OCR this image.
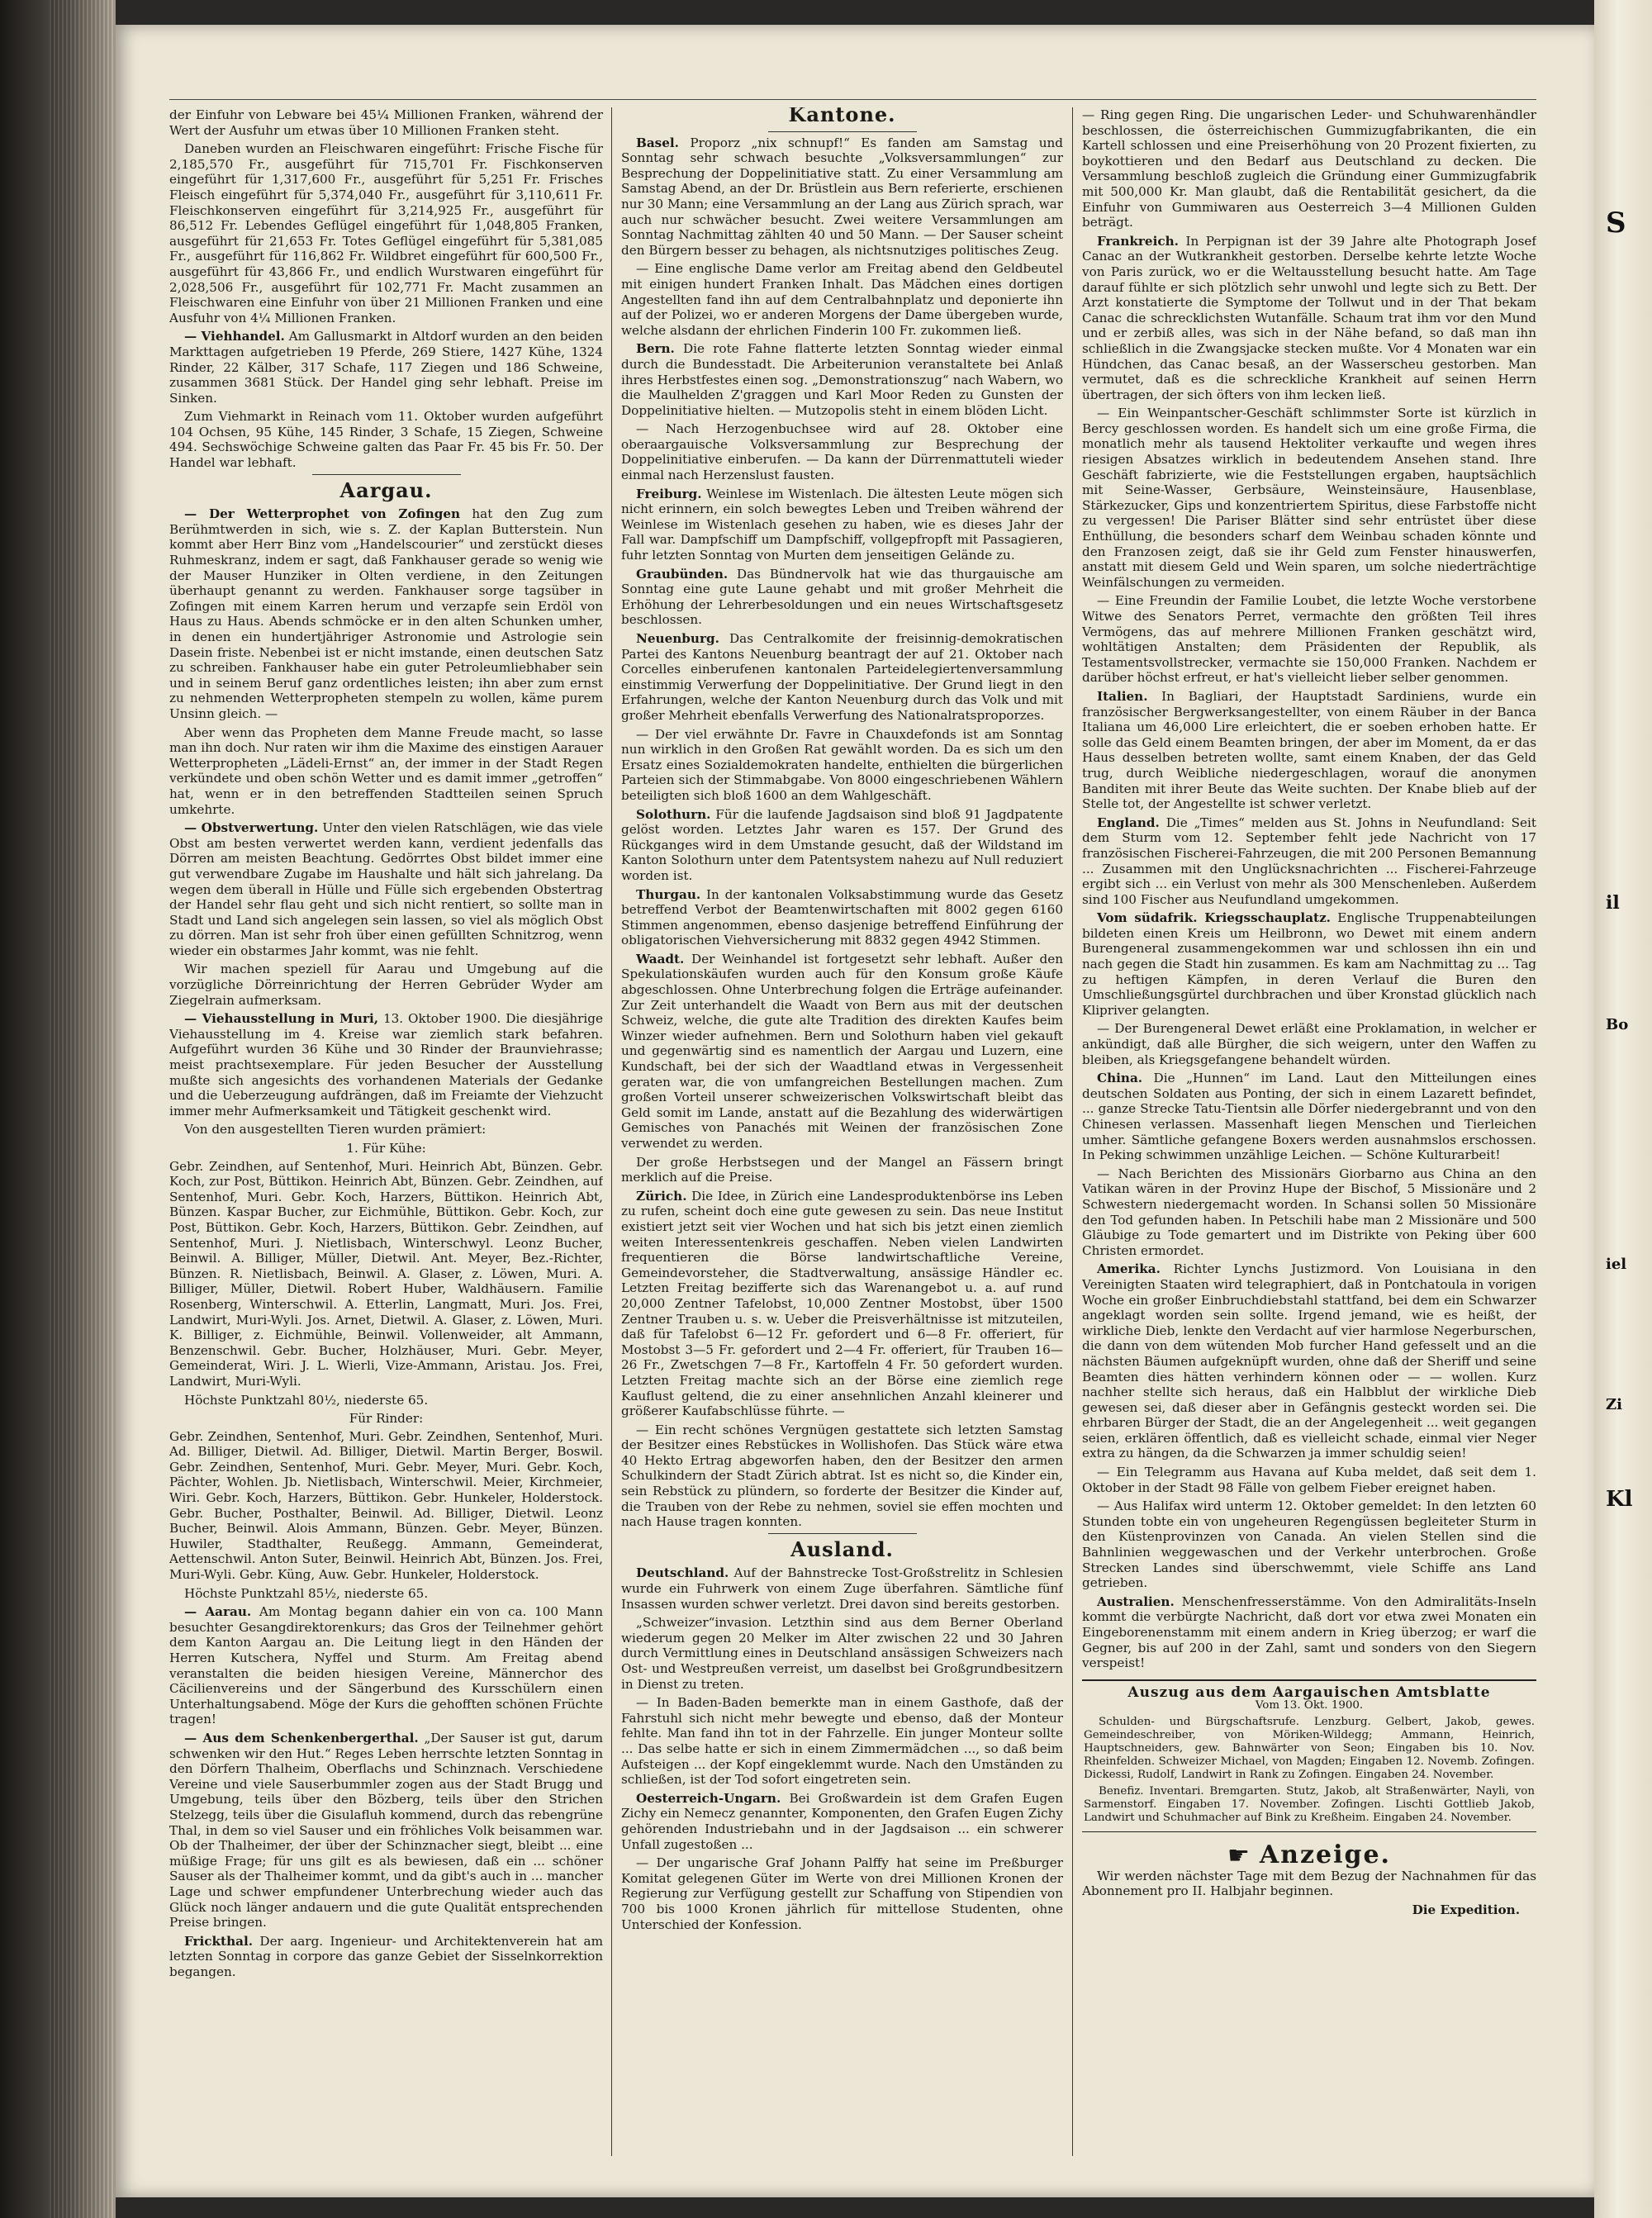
der Einfuhr von Lebware bei 45¼ Millionen Franken, während der Wert der Ausfuhr um etwas über 10 Millionen Franken steht.

Daneben wurden an Fleischwaren eingeführt: Frische Fische für 2,185,570 Fr., ausgeführt für 715,701 Fr. Fischkonserven eingeführt für 1,317,600 Fr., ausgeführt für 5,251 Fr. Frisches Fleisch eingeführt für 5,374,040 Fr., ausgeführt für 3,110,611 Fr. Fleischkonserven eingeführt für 3,214,925 Fr., ausgeführt für 86,512 Fr. Lebendes Geflügel eingeführt für 1,048,805 Franken, ausgeführt für 21,653 Fr. Totes Geflügel eingeführt für 5,381,085 Fr., ausgeführt für 116,862 Fr. Wildbret eingeführt für 600,500 Fr., ausgeführt für 43,866 Fr., und endlich Wurstwaren eingeführt für 2,028,506 Fr., ausgeführt für 102,771 Fr. Macht zusammen an Fleischwaren eine Einfuhr von über 21 Millionen Franken und eine Ausfuhr von 4¼ Millionen Franken.

— Viehhandel. Am Gallusmarkt in Altdorf wurden an den beiden Markttagen aufgetrieben 19 Pferde, 269 Stiere, 1427 Kühe, 1324 Rinder, 22 Kälber, 317 Schafe, 117 Ziegen und 186 Schweine, zusammen 3681 Stück. Der Handel ging sehr lebhaft. Preise im Sinken.

Zum Viehmarkt in Reinach vom 11. Oktober wurden aufgeführt 104 Ochsen, 95 Kühe, 145 Rinder, 3 Schafe, 15 Ziegen, Schweine 494. Sechswöchige Schweine galten das Paar Fr. 45 bis Fr. 50. Der Handel war lebhaft.

Aargau.

— Der Wetterprophet von Zofingen hat den Zug zum Berühmtwerden in sich, wie s. Z. der Kaplan Butterstein. Nun kommt aber Herr Binz vom „Handelscourier“ und zerstückt dieses Ruhmeskranz, indem er sagt, daß Fankhauser gerade so wenig wie der Mauser Hunziker in Olten verdiene, in den Zeitungen überhaupt genannt zu werden. Fankhauser sorge tagsüber in Zofingen mit einem Karren herum und verzapfe sein Erdöl von Haus zu Haus. Abends schmöcke er in den alten Schunken umher, in denen ein hundertjähriger Astronomie und Astrologie sein Dasein friste. Nebenbei ist er nicht imstande, einen deutschen Satz zu schreiben. Fankhauser habe ein guter Petroleumliebhaber sein und in seinem Beruf ganz ordentliches leisten; ihn aber zum ernst zu nehmenden Wetterpropheten stempeln zu wollen, käme purem Unsinn gleich. —

Aber wenn das Propheten dem Manne Freude macht, so lasse man ihn doch. Nur raten wir ihm die Maxime des einstigen Aarauer Wetterpropheten „Lädeli-Ernst“ an, der immer in der Stadt Regen verkündete und oben schön Wetter und es damit immer „getroffen“ hat, wenn er in den betreffenden Stadtteilen seinen Spruch umkehrte.

— Obstverwertung. Unter den vielen Ratschlägen, wie das viele Obst am besten verwertet werden kann, verdient jedenfalls das Dörren am meisten Beachtung. Gedörrtes Obst bildet immer eine gut verwendbare Zugabe im Haushalte und hält sich jahrelang. Da wegen dem überall in Hülle und Fülle sich ergebenden Obstertrag der Handel sehr flau geht und sich nicht rentiert, so sollte man in Stadt und Land sich angelegen sein lassen, so viel als möglich Obst zu dörren. Man ist sehr froh über einen gefüllten Schnitzrog, wenn wieder ein obstarmes Jahr kommt, was nie fehlt.

Wir machen speziell für Aarau und Umgebung auf die vorzügliche Dörreinrichtung der Herren Gebrüder Wyder am Ziegelrain aufmerksam.

— Viehausstellung in Muri, 13. Oktober 1900. Die diesjährige Viehausstellung im 4. Kreise war ziemlich stark befahren. Aufgeführt wurden 36 Kühe und 30 Rinder der Braunviehrasse; meist prachtsexemplare. Für jeden Besucher der Ausstellung mußte sich angesichts des vorhandenen Materials der Gedanke und die Ueberzeugung aufdrängen, daß im Freiamte der Viehzucht immer mehr Aufmerksamkeit und Tätigkeit geschenkt wird.

Von den ausgestellten Tieren wurden prämiert:

1. Für Kühe:

Gebr. Zeindhen, auf Sentenhof, Muri. Heinrich Abt, Bünzen. Gebr. Koch, zur Post, Büttikon. Heinrich Abt, Bünzen. Gebr. Zeindhen, auf Sentenhof, Muri. Gebr. Koch, Harzers, Büttikon. Heinrich Abt, Bünzen. Kaspar Bucher, zur Eichmühle, Büttikon. Gebr. Koch, zur Post, Büttikon. Gebr. Koch, Harzers, Büttikon. Gebr. Zeindhen, auf Sentenhof, Muri. J. Nietlisbach, Winterschwyl. Leonz Bucher, Beinwil. A. Billiger, Müller, Dietwil. Ant. Meyer, Bez.-Richter, Bünzen. R. Nietlisbach, Beinwil. A. Glaser, z. Löwen, Muri. A. Billiger, Müller, Dietwil. Robert Huber, Waldhäusern. Familie Rosenberg, Winterschwil. A. Etterlin, Langmatt, Muri. Jos. Frei, Landwirt, Muri-Wyli. Jos. Arnet, Dietwil. A. Glaser, z. Löwen, Muri. K. Billiger, z. Eichmühle, Beinwil. Vollenweider, alt Ammann, Benzenschwil. Gebr. Bucher, Holzhäuser, Muri. Gebr. Meyer, Gemeinderat, Wiri. J. L. Wierli, Vize-Ammann, Aristau. Jos. Frei, Landwirt, Muri-Wyli.

Höchste Punktzahl 80½, niederste 65.

Für Rinder:

Gebr. Zeindhen, Sentenhof, Muri. Gebr. Zeindhen, Sentenhof, Muri. Ad. Billiger, Dietwil. Ad. Billiger, Dietwil. Martin Berger, Boswil. Gebr. Zeindhen, Sentenhof, Muri. Gebr. Meyer, Muri. Gebr. Koch, Pächter, Wohlen. Jb. Nietlisbach, Winterschwil. Meier, Kirchmeier, Wiri. Gebr. Koch, Harzers, Büttikon. Gebr. Hunkeler, Holderstock. Gebr. Bucher, Posthalter, Beinwil. Ad. Billiger, Dietwil. Leonz Bucher, Beinwil. Alois Ammann, Bünzen. Gebr. Meyer, Bünzen. Huwiler, Stadthalter, Reußegg. Ammann, Gemeinderat, Aettenschwil. Anton Suter, Beinwil. Heinrich Abt, Bünzen. Jos. Frei, Muri-Wyli. Gebr. Küng, Auw. Gebr. Hunkeler, Holderstock.

Höchste Punktzahl 85½, niederste 65.

— Aarau. Am Montag begann dahier ein von ca. 100 Mann besuchter Gesangdirektorenkurs; das Gros der Teilnehmer gehört dem Kanton Aargau an. Die Leitung liegt in den Händen der Herren Kutschera, Nyffel und Sturm. Am Freitag abend veranstalten die beiden hiesigen Vereine, Männerchor des Cäcilienvereins und der Sängerbund des Kursschülern einen Unterhaltungsabend. Möge der Kurs die gehofften schönen Früchte tragen!

— Aus dem Schenkenbergerthal. „Der Sauser ist gut, darum schwenken wir den Hut.“ Reges Leben herrschte letzten Sonntag in den Dörfern Thalheim, Oberflachs und Schinznach. Verschiedene Vereine und viele Sauserbummler zogen aus der Stadt Brugg und Umgebung, teils über den Bözberg, teils über den Strichen Stelzegg, teils über die Gisulafluh kommend, durch das rebengrüne Thal, in dem so viel Sauser und ein fröhliches Volk beisammen war. Ob der Thalheimer, der über der Schinznacher siegt, bleibt ... eine müßige Frage; für uns gilt es als bewiesen, daß ein ... schöner Sauser als der Thalheimer kommt, und da gibt's auch in ... mancher Lage und schwer empfundener Unterbrechung wieder auch das Glück noch länger andauern und die gute Qualität entsprechenden Preise bringen.

Frickthal. Der aarg. Ingenieur- und Architektenverein hat am letzten Sonntag in corpore das ganze Gebiet der Sisselnkorrektion begangen.

Kantone.

Basel. Proporz „nix schnupf!“ Es fanden am Samstag und Sonntag sehr schwach besuchte „Volksversammlungen“ zur Besprechung der Doppelinitiative statt. Zu einer Versammlung am Samstag Abend, an der Dr. Brüstlein aus Bern referierte, erschienen nur 30 Mann; eine Versammlung an der Lang aus Zürich sprach, war auch nur schwächer besucht. Zwei weitere Versammlungen am Sonntag Nachmittag zählten 40 und 50 Mann. — Der Sauser scheint den Bürgern besser zu behagen, als nichtsnutziges politisches Zeug.

— Eine englische Dame verlor am Freitag abend den Geldbeutel mit einigen hundert Franken Inhalt. Das Mädchen eines dortigen Angestellten fand ihn auf dem Centralbahnplatz und deponierte ihn auf der Polizei, wo er anderen Morgens der Dame übergeben wurde, welche alsdann der ehrlichen Finderin 100 Fr. zukommen ließ.

Bern. Die rote Fahne flatterte letzten Sonntag wieder einmal durch die Bundesstadt. Die Arbeiterunion veranstaltete bei Anlaß ihres Herbstfestes einen sog. „Demonstrationszug“ nach Wabern, wo die Maulhelden Z'graggen und Karl Moor Reden zu Gunsten der Doppelinitiative hielten. — Mutzopolis steht in einem blöden Licht.

— Nach Herzogenbuchsee wird auf 28. Oktober eine oberaargauische Volksversammlung zur Besprechung der Doppelinitiative einberufen. — Da kann der Dürrenmattuteli wieder einmal nach Herzenslust fausten.

Freiburg. Weinlese im Wistenlach. Die ältesten Leute mögen sich nicht erinnern, ein solch bewegtes Leben und Treiben während der Weinlese im Wistenlach gesehen zu haben, wie es dieses Jahr der Fall war. Dampfschiff um Dampfschiff, vollgepfropft mit Passagieren, fuhr letzten Sonntag von Murten dem jenseitigen Gelände zu.

Graubünden. Das Bündnervolk hat wie das thurgauische am Sonntag eine gute Laune gehabt und mit großer Mehrheit die Erhöhung der Lehrerbesoldungen und ein neues Wirtschaftsgesetz beschlossen.

Neuenburg. Das Centralkomite der freisinnig-demokratischen Partei des Kantons Neuenburg beantragt der auf 21. Oktober nach Corcelles einberufenen kantonalen Parteidelegiertenversammlung einstimmig Verwerfung der Doppelinitiative. Der Grund liegt in den Erfahrungen, welche der Kanton Neuenburg durch das Volk und mit großer Mehrheit ebenfalls Verwerfung des Nationalratsproporzes.

— Der viel erwähnte Dr. Favre in Chauxdefonds ist am Sonntag nun wirklich in den Großen Rat gewählt worden. Da es sich um den Ersatz eines Sozialdemokraten handelte, enthielten die bürgerlichen Parteien sich der Stimmabgabe. Von 8000 eingeschriebenen Wählern beteiligten sich bloß 1600 an dem Wahlgeschäft.

Solothurn. Für die laufende Jagdsaison sind bloß 91 Jagdpatente gelöst worden. Letztes Jahr waren es 157. Der Grund des Rückganges wird in dem Umstande gesucht, daß der Wildstand im Kanton Solothurn unter dem Patentsystem nahezu auf Null reduziert worden ist.

Thurgau. In der kantonalen Volksabstimmung wurde das Gesetz betreffend Verbot der Beamtenwirtschaften mit 8002 gegen 6160 Stimmen angenommen, ebenso dasjenige betreffend Einführung der obligatorischen Viehversicherung mit 8832 gegen 4942 Stimmen.

Waadt. Der Weinhandel ist fortgesetzt sehr lebhaft. Außer den Spekulationskäufen wurden auch für den Konsum große Käufe abgeschlossen. Ohne Unterbrechung folgen die Erträge aufeinander. Zur Zeit unterhandelt die Waadt von Bern aus mit der deutschen Schweiz, welche, die gute alte Tradition des direkten Kaufes beim Winzer wieder aufnehmen. Bern und Solothurn haben viel gekauft und gegenwärtig sind es namentlich der Aargau und Luzern, eine Kundschaft, bei der sich der Waadtland etwas in Vergessenheit geraten war, die von umfangreichen Bestellungen machen. Zum großen Vorteil unserer schweizerischen Volkswirtschaft bleibt das Geld somit im Lande, anstatt auf die Bezahlung des widerwärtigen Gemisches von Panachés mit Weinen der französischen Zone verwendet zu werden.

Der große Herbstsegen und der Mangel an Fässern bringt merklich auf die Preise.

Zürich. Die Idee, in Zürich eine Landesproduktenbörse ins Leben zu rufen, scheint doch eine gute gewesen zu sein. Das neue Institut existiert jetzt seit vier Wochen und hat sich bis jetzt einen ziemlich weiten Interessentenkreis geschaffen. Neben vielen Landwirten frequentieren die Börse landwirtschaftliche Vereine, Gemeindevorsteher, die Stadtverwaltung, ansässige Händler ec. Letzten Freitag bezifferte sich das Warenangebot u. a. auf rund 20,000 Zentner Tafelobst, 10,000 Zentner Mostobst, über 1500 Zentner Trauben u. s. w. Ueber die Preisverhältnisse ist mitzuteilen, daß für Tafelobst 6—12 Fr. gefordert und 6—8 Fr. offeriert, für Mostobst 3—5 Fr. gefordert und 2—4 Fr. offeriert, für Trauben 16—26 Fr., Zwetschgen 7—8 Fr., Kartoffeln 4 Fr. 50 gefordert wurden. Letzten Freitag machte sich an der Börse eine ziemlich rege Kauflust geltend, die zu einer ansehnlichen Anzahl kleinerer und größerer Kaufabschlüsse führte. —

— Ein recht schönes Vergnügen gestattete sich letzten Samstag der Besitzer eines Rebstückes in Wollishofen. Das Stück wäre etwa 40 Hekto Ertrag abgeworfen haben, den der Besitzer den armen Schulkindern der Stadt Zürich abtrat. Ist es nicht so, die Kinder ein, sein Rebstück zu plündern, so forderte der Besitzer die Kinder auf, die Trauben von der Rebe zu nehmen, soviel sie effen mochten und nach Hause tragen konnten.

Ausland.

Deutschland. Auf der Bahnstrecke Tost-Großstrelitz in Schlesien wurde ein Fuhrwerk von einem Zuge überfahren. Sämtliche fünf Insassen wurden schwer verletzt. Drei davon sind bereits gestorben.

„Schweizer“invasion. Letzthin sind aus dem Berner Oberland wiederum gegen 20 Melker im Alter zwischen 22 und 30 Jahren durch Vermittlung eines in Deutschland ansässigen Schweizers nach Ost- und Westpreußen verreist, um daselbst bei Großgrundbesitzern in Dienst zu treten.

— In Baden-Baden bemerkte man in einem Gasthofe, daß der Fahrstuhl sich nicht mehr bewegte und ebenso, daß der Monteur fehlte. Man fand ihn tot in der Fahrzelle. Ein junger Monteur sollte ... Das selbe hatte er sich in einem Zimmermädchen ..., so daß beim Aufsteigen ... der Kopf eingeklemmt wurde. Nach den Umständen zu schließen, ist der Tod sofort eingetreten sein.

Oesterreich-Ungarn. Bei Großwardein ist dem Grafen Eugen Zichy ein Nemecz genannter, Komponenten, den Grafen Eugen Zichy gehörenden Industriebahn und in der Jagdsaison ... ein schwerer Unfall zugestoßen ...

— Der ungarische Graf Johann Palffy hat seine im Preßburger Komitat gelegenen Güter im Werte von drei Millionen Kronen der Regierung zur Verfügung gestellt zur Schaffung von Stipendien von 700 bis 1000 Kronen jährlich für mittellose Studenten, ohne Unterschied der Konfession.

— Ring gegen Ring. Die ungarischen Leder- und Schuhwarenhändler beschlossen, die österreichischen Gummizugfabrikanten, die ein Kartell schlossen und eine Preiserhöhung von 20 Prozent fixierten, zu boykottieren und den Bedarf aus Deutschland zu decken. Die Versammlung beschloß zugleich die Gründung einer Gummizugfabrik mit 500,000 Kr. Man glaubt, daß die Rentabilität gesichert, da die Einfuhr von Gummiwaren aus Oesterreich 3—4 Millionen Gulden beträgt.

Frankreich. In Perpignan ist der 39 Jahre alte Photograph Josef Canac an der Wutkrankheit gestorben. Derselbe kehrte letzte Woche von Paris zurück, wo er die Weltausstellung besucht hatte. Am Tage darauf fühlte er sich plötzlich sehr unwohl und legte sich zu Bett. Der Arzt konstatierte die Symptome der Tollwut und in der That bekam Canac die schrecklichsten Wutanfälle. Schaum trat ihm vor den Mund und er zerbiß alles, was sich in der Nähe befand, so daß man ihn schließlich in die Zwangsjacke stecken mußte. Vor 4 Monaten war ein Hündchen, das Canac besaß, an der Wasserscheu gestorben. Man vermutet, daß es die schreckliche Krankheit auf seinen Herrn übertragen, der sich öfters von ihm lecken ließ.

— Ein Weinpantscher-Geschäft schlimmster Sorte ist kürzlich in Bercy geschlossen worden. Es handelt sich um eine große Firma, die monatlich mehr als tausend Hektoliter verkaufte und wegen ihres riesigen Absatzes wirklich in bedeutendem Ansehen stand. Ihre Geschäft fabrizierte, wie die Feststellungen ergaben, hauptsächlich mit Seine-Wasser, Gerbsäure, Weinsteinsäure, Hausenblase, Stärkezucker, Gips und konzentriertem Spiritus, diese Farbstoffe nicht zu vergessen! Die Pariser Blätter sind sehr entrüstet über diese Enthüllung, die besonders scharf dem Weinbau schaden könnte und den Franzosen zeigt, daß sie ihr Geld zum Fenster hinauswerfen, anstatt mit diesem Geld und Wein sparen, um solche niederträchtige Weinfälschungen zu vermeiden.

— Eine Freundin der Familie Loubet, die letzte Woche verstorbene Witwe des Senators Perret, vermachte den größten Teil ihres Vermögens, das auf mehrere Millionen Franken geschätzt wird, wohltätigen Anstalten; dem Präsidenten der Republik, als Testamentsvollstrecker, vermachte sie 150,000 Franken. Nachdem er darüber höchst erfreut, er hat's vielleicht lieber selber genommen.

Italien. In Bagliari, der Hauptstadt Sardiniens, wurde ein französischer Bergwerksangestellter, von einem Räuber in der Banca Italiana um 46,000 Lire erleichtert, die er soeben erhoben hatte. Er solle das Geld einem Beamten bringen, der aber im Moment, da er das Haus desselben betreten wollte, samt einem Knaben, der das Geld trug, durch Weibliche niedergeschlagen, worauf die anonymen Banditen mit ihrer Beute das Weite suchten. Der Knabe blieb auf der Stelle tot, der Angestellte ist schwer verletzt.

England. Die „Times“ melden aus St. Johns in Neufundland: Seit dem Sturm vom 12. September fehlt jede Nachricht von 17 französischen Fischerei-Fahrzeugen, die mit 200 Personen Bemannung ... Zusammen mit den Unglücksnachrichten ... Fischerei-Fahrzeuge ergibt sich ... ein Verlust von mehr als 300 Menschenleben. Außerdem sind 100 Fischer aus Neufundland umgekommen.

Vom südafrik. Kriegsschauplatz. Englische Truppenabteilungen bildeten einen Kreis um Heilbronn, wo Dewet mit einem andern Burengeneral zusammengekommen war und schlossen ihn ein und nach gegen die Stadt hin zusammen. Es kam am Nachmittag zu ... Tag zu heftigen Kämpfen, in deren Verlauf die Buren den Umschließungsgürtel durchbrachen und über Kronstad glücklich nach Klipriver gelangten.

— Der Burengeneral Dewet erläßt eine Proklamation, in welcher er ankündigt, daß alle Bürgher, die sich weigern, unter den Waffen zu bleiben, als Kriegsgefangene behandelt würden.

China. Die „Hunnen“ im Land. Laut den Mitteilungen eines deutschen Soldaten aus Ponting, der sich in einem Lazarett befindet, ... ganze Strecke Tatu-Tientsin alle Dörfer niedergebrannt und von den Chinesen verlassen. Massenhaft liegen Menschen und Tierleichen umher. Sämtliche gefangene Boxers werden ausnahmslos erschossen. In Peking schwimmen unzählige Leichen. — Schöne Kulturarbeit!

— Nach Berichten des Missionärs Giorbarno aus China an den Vatikan wären in der Provinz Hupe der Bischof, 5 Missionäre und 2 Schwestern niedergemacht worden. In Schansi sollen 50 Missionäre den Tod gefunden haben. In Petschili habe man 2 Missionäre und 500 Gläubige zu Tode gemartert und im Distrikte von Peking über 600 Christen ermordet.

Amerika. Richter Lynchs Justizmord. Von Louisiana in den Vereinigten Staaten wird telegraphiert, daß in Pontchatoula in vorigen Woche ein großer Einbruchdiebstahl stattfand, bei dem ein Schwarzer angeklagt worden sein sollte. Irgend jemand, wie es heißt, der wirkliche Dieb, lenkte den Verdacht auf vier harmlose Negerburschen, die dann von dem wütenden Mob furcher Hand gefesselt und an die nächsten Bäumen aufgeknüpft wurden, ohne daß der Sheriff und seine Beamten dies hätten verhindern können oder — — wollen. Kurz nachher stellte sich heraus, daß ein Halbblut der wirkliche Dieb gewesen sei, daß dieser aber in Gefängnis gesteckt worden sei. Die ehrbaren Bürger der Stadt, die an der Angelegenheit ... weit gegangen seien, erklären öffentlich, daß es vielleicht schade, einmal vier Neger extra zu hängen, da die Schwarzen ja immer schuldig seien!

— Ein Telegramm aus Havana auf Kuba meldet, daß seit dem 1. Oktober in der Stadt 98 Fälle von gelbem Fieber ereignet haben.

— Aus Halifax wird unterm 12. Oktober gemeldet: In den letzten 60 Stunden tobte ein von ungeheuren Regengüssen begleiteter Sturm in den Küstenprovinzen von Canada. An vielen Stellen sind die Bahnlinien weggewaschen und der Verkehr unterbrochen. Große Strecken Landes sind überschwemmt, viele Schiffe ans Land getrieben.

Australien. Menschenfresserstämme. Von den Admiralitäts-Inseln kommt die verbürgte Nachricht, daß dort vor etwa zwei Monaten ein Eingeborenenstamm mit einem andern in Krieg überzog; er warf die Gegner, bis auf 200 in der Zahl, samt und sonders von den Siegern verspeist!

Auszug aus dem Aargauischen Amtsblatte
Vom 13. Okt. 1900.

Schulden- und Bürgschaftsrufe. Lenzburg. Gelbert, Jakob, gewes. Gemeindeschreiber, von Möriken-Wildegg; Ammann, Heinrich, Hauptschneiders, gew. Bahnwärter von Seon; Eingaben bis 10. Nov. Rheinfelden. Schweizer Michael, von Magden; Eingaben 12. Novemb. Zofingen. Dickessi, Rudolf, Landwirt in Rank zu Zofingen. Eingaben 24. November.

Benefiz. Inventari. Bremgarten. Stutz, Jakob, alt Straßenwärter, Nayli, von Sarmenstorf. Eingaben 17. November. Zofingen. Lischti Gottlieb Jakob, Landwirt und Schuhmacher auf Bink zu Kreßheim. Eingaben 24. November.

☛ Anzeige.

Wir werden nächster Tage mit dem Bezug der Nachnahmen für das Abonnement pro II. Halbjahr beginnen.

Die Expedition.
S
il
Bo
iel
Zi
Kl
